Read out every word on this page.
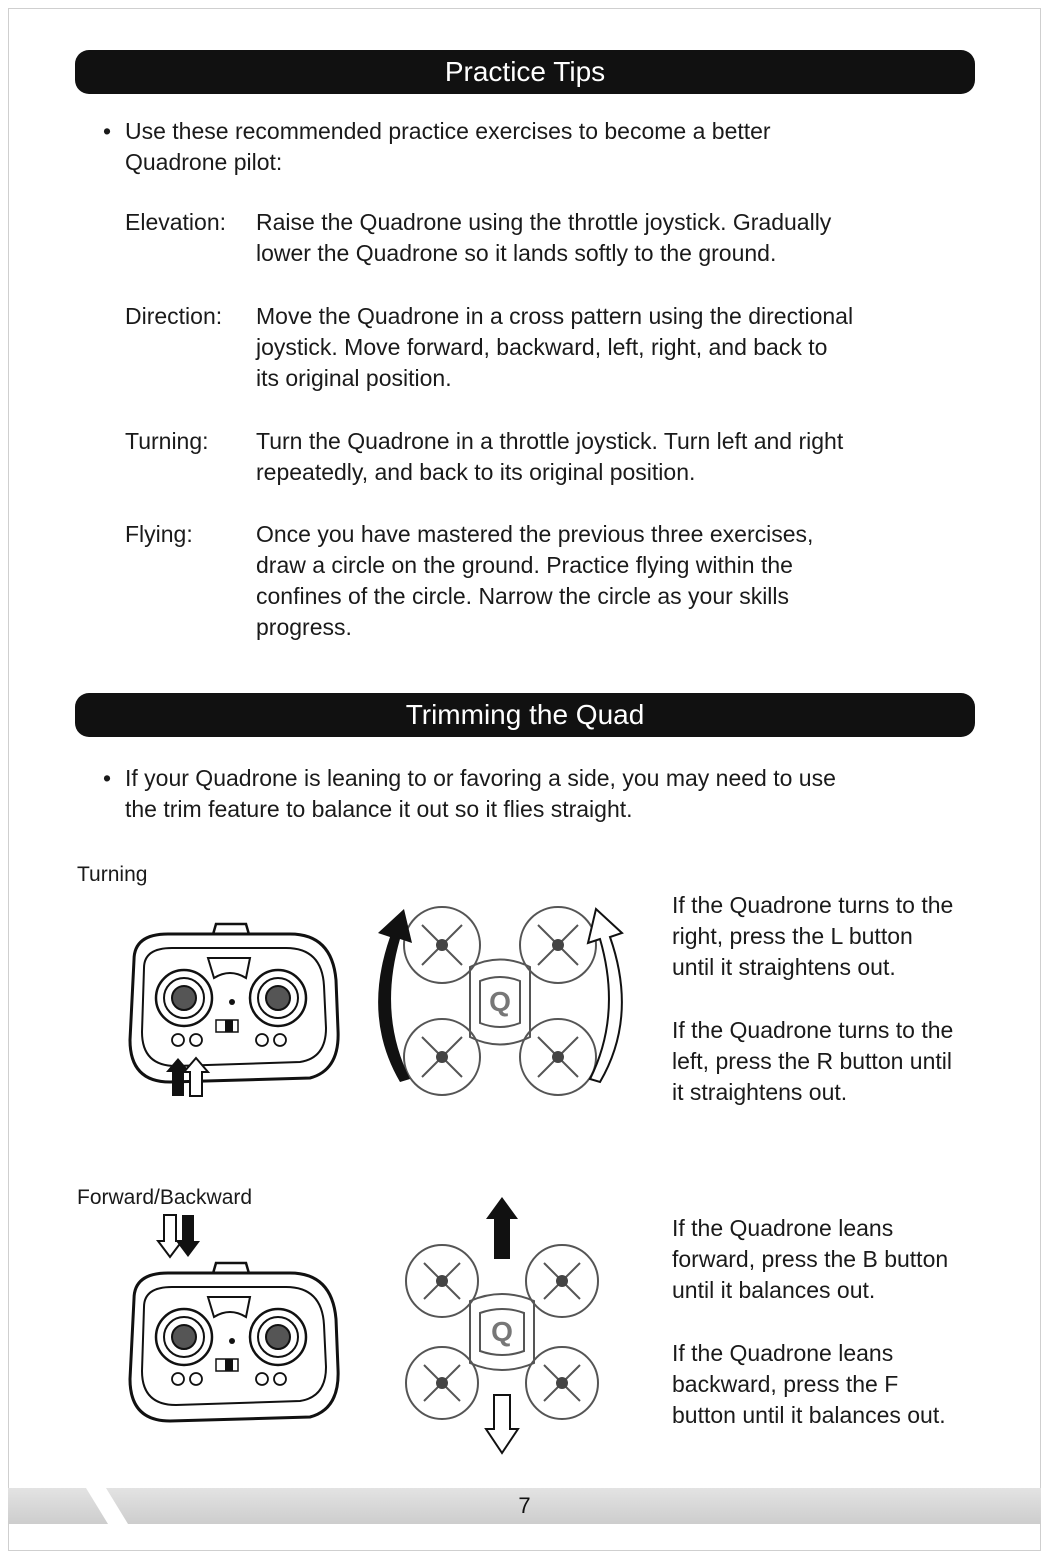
Practice Tips
• Use these recommended practice exercises to become a better
Quadrone pilot:
Elevation: Raise the Quadrone using the throttle joystick. Gradually
lower the Quadrone so it lands softly to the ground.
Direction: Move the Quadrone in a cross pattern using the directional
joystick. Move forward, backward, left, right, and back to
its original position.
Turning: Turn the Quadrone in a throttle joystick. Turn left and right
repeatedly, and back to its original position.
Flying:	Once you have mastered the previous three exercises,
draw a circle on the ground. Practice flying within the
confines of the circle. Narrow the circle as your skills
progress.
Trimming the Quad
• If your Quadrone is leaning to or favoring a side, you may need to use
the trim feature to balance it out so it flies straight.
Turning
Q
If the Quadrone turns to the
right, press the L button
until it straightens out.
If the Quadrone turns to the
left, press the R button until
it straightens out.
Forward/Backward
Q
If the Quadrone leans
forward, press the B button
until it balances out.
If the Quadrone leans
backward, press the F
button until it balances out.
7
